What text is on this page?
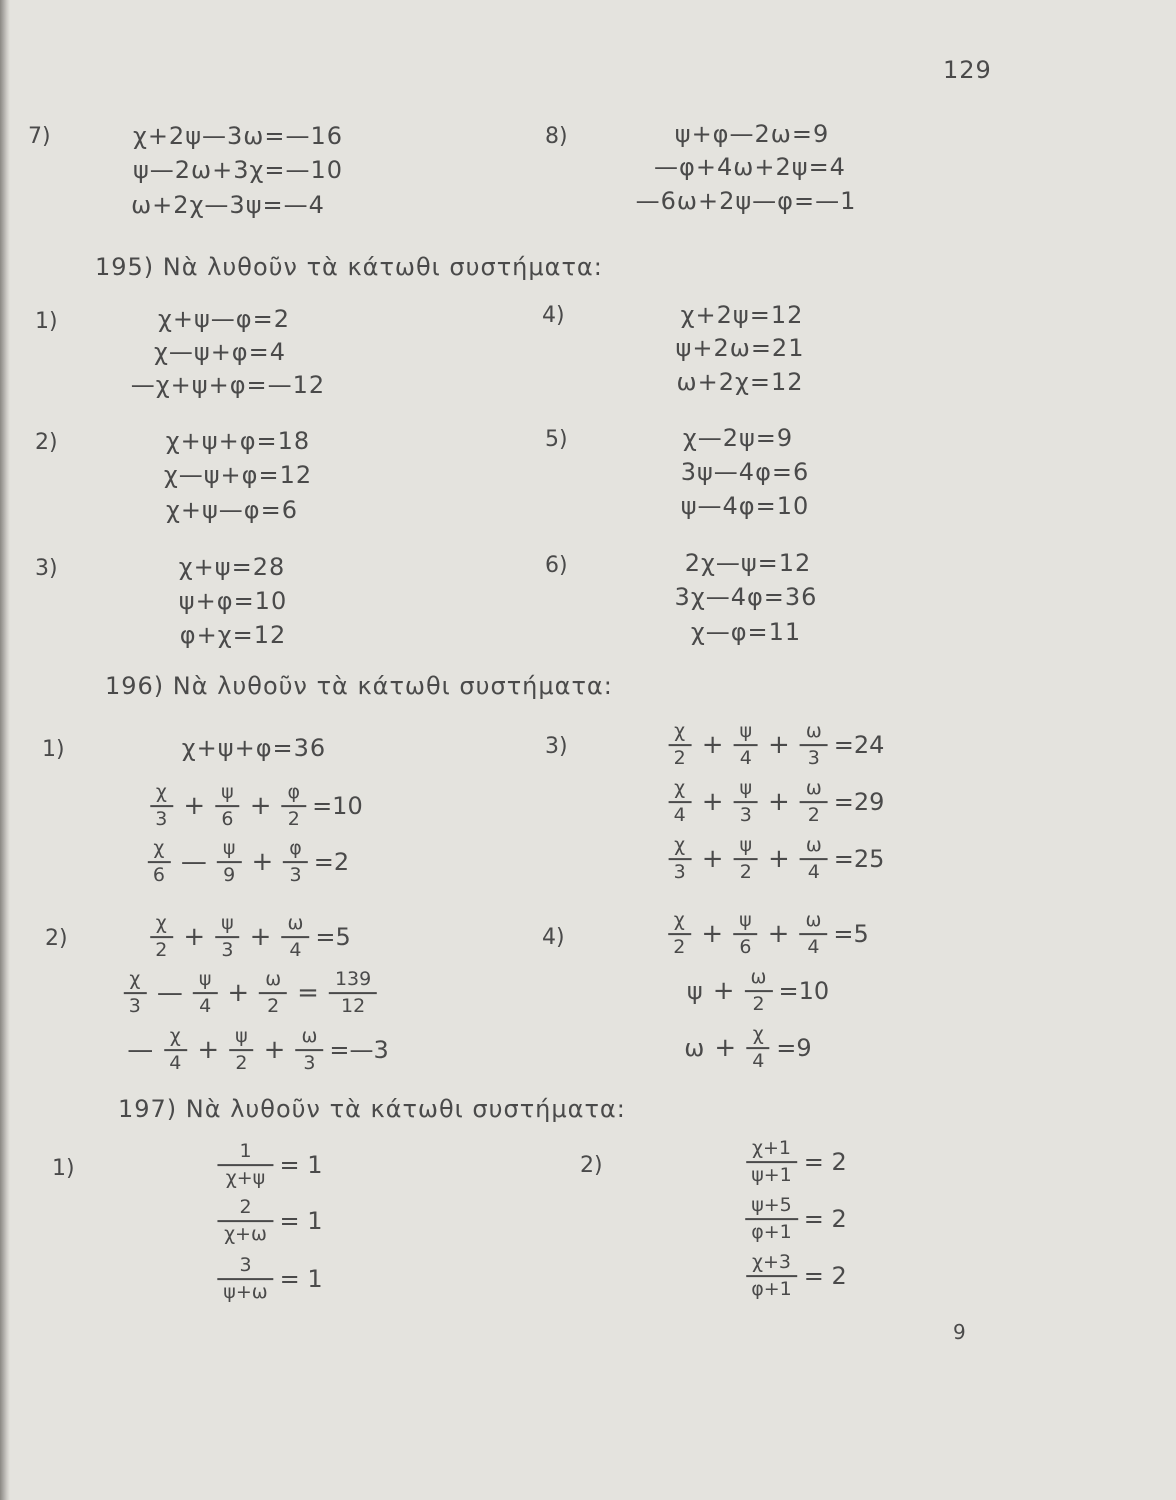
129
7)	χ+2ψ—3ω=—16
ψ—2ω+3χ=—10
ω+2χ—3ψ=—4
8)	ψ+φ—2ω=9
—φ+4ω+2ψ=4
—6ω+2ψ—φ=—1
195) Νὰ λυθοῦν τὰ κάτωθι συστήματα:
1)	χ+ψ—φ=2
χ—ψ+φ=4
—χ+ψ+φ=—12
2)	χ+ψ+φ=18
χ—ψ+φ=12
χ+ψ—φ=6
3)	χ+ψ=28
ψ+φ=10
φ+χ=12
4)	χ+2ψ=12
ψ+2ω=21
ω+2χ=12
5)	χ—2ψ=9
3ψ—4φ=6
ψ—4φ=10
6)	2χ—ψ=12
3χ—4φ=36
χ—φ=11
196) Νὰ λυθοῦν τὰ κάτωθι συστήματα:
1)	χ+ψ+φ=36
$\frac{\chi}{3} + \frac{\psi}{6} + \frac{\varphi}{2} =10$
$\frac{\chi}{6}$ — $\frac{\psi}{9} + \frac{\varphi}{3} =2$
2)	$\frac{\chi}{2} + \frac{\psi}{3} + \frac{\omega}{4} =5$
$\frac{\chi}{3}$ — $\frac{\psi}{4} + \frac{\omega}{2} = \frac{139}{12}$
— $\frac{\chi}{4} + \frac{\psi}{2} + \frac{\omega}{3}$ =—3
3)	$\frac{\chi}{2} + \frac{\psi}{4} + \frac{\omega}{3} =24$
$\frac{\chi}{4} + \frac{\psi}{3} + \frac{\omega}{2} =29$
$\frac{\chi}{3} + \frac{\psi}{2} + \frac{\omega}{4} =25$
4)	$\frac{\chi}{2} + \frac{\psi}{6} + \frac{\omega}{4} =5$
$\psi + \frac{\omega}{2} =10$
$\omega + \frac{\chi}{4} =9$
197) Νὰ λυθοῦν τὰ κάτωθι συστήματα:
1)	$\frac{1}{\chi+\psi} = 1$
$\frac{2}{\chi+\omega} = 1$
$\frac{3}{\psi+\omega} = 1$
2)	$\frac{\chi+1}{\psi+1} = 2$
$\frac{\psi+5}{\varphi+1} = 2$
$\frac{\chi+3}{\varphi+1} = 2$
9
